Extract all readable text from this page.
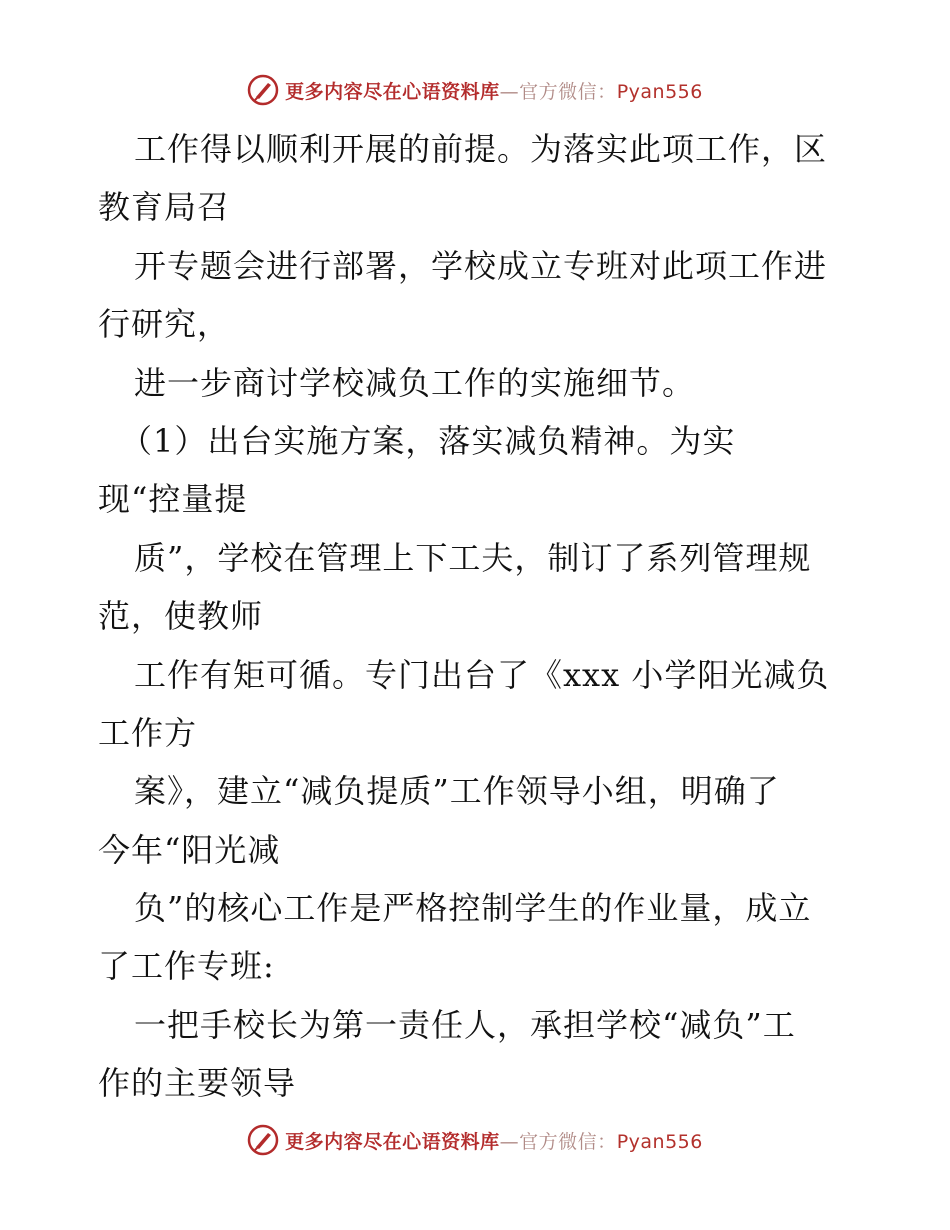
更多内容尽在心语资料库—官方微信：Pyan556
工作得以顺利开展的前提。为落实此项工作，区
教育局召
开专题会进行部署，学校成立专班对此项工作进
行研究，
进一步商讨学校减负工作的实施细节。
（1）出台实施方案，落实减负精神。为实
现“控量提
质”，学校在管理上下工夫，制订了系列管理规
范，使教师
工作有矩可循。专门出台了《xxx 小学阳光减负
工作方
案》，建立“减负提质”工作领导小组，明确了
今年“阳光减
负”的核心工作是严格控制学生的作业量，成立
了工作专班:
一把手校长为第一责任人，承担学校“减负”工
作的主要领导
更多内容尽在心语资料库—官方微信：Pyan556
